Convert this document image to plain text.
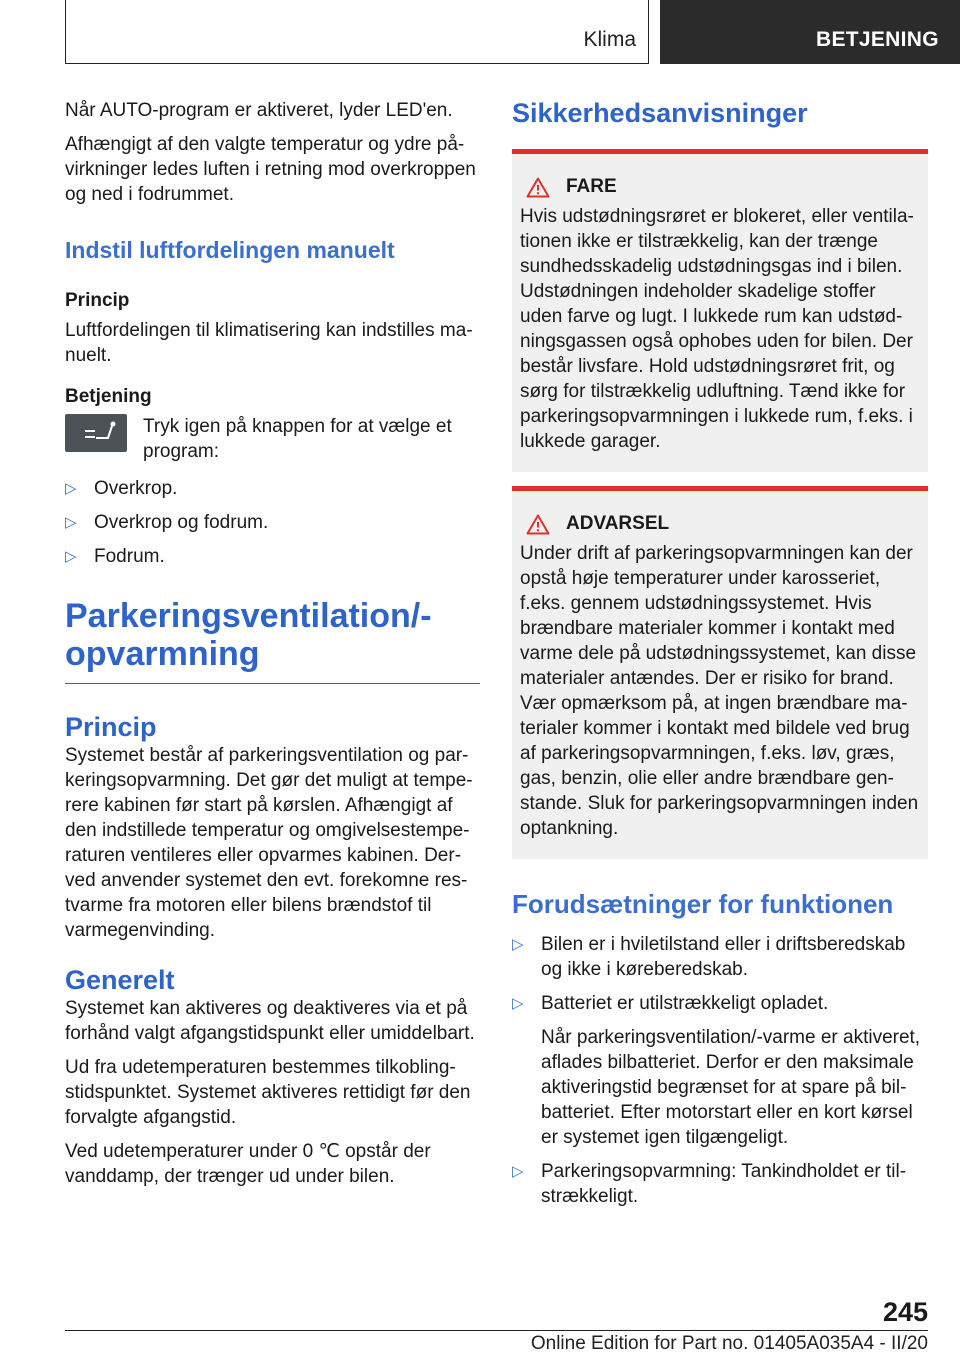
Klima	BETJENING

Når AUTO-program er aktiveret, lyder LED'en.

Afhængigt af den valgte temperatur og ydre påvirkninger ledes luften i retning mod overkroppen og ned i fodrummet.

Indstil luftfordelingen manuelt
Princip

Luftfordelingen til klimatisering kan indstilles manuelt.

Betjening

Tryk igen på knappen for at vælge et program:

▷ Overkrop.
▷ Overkrop og fodrum.
▷ Fodrum.
Parkeringsventilation/-opvarmning
Princip

Systemet består af parkeringsventilation og parkeringsopvarmning. Det gør det muligt at temperere kabinen før start på kørslen. Afhængigt af den indstillede temperatur og omgivelsestemperaturen ventileres eller opvarmes kabinen. Derved anvender systemet den evt. forekomne restvarme fra motoren eller bilens brændstof til varmegenvinding.

Generelt

Systemet kan aktiveres og deaktiveres via et på forhånd valgt afgangstidspunkt eller umiddelbart.

Ud fra udetemperaturen bestemmes tilkoblingstidspunktet. Systemet aktiveres rettidigt før den forvalgte afgangstid.

Ved udetemperaturer under 0 ℃ opstår der vanddamp, der trænger ud under bilen.

Sikkerhedsanvisninger
FARE

Hvis udstødningsrøret er blokeret, eller ventilationen ikke er tilstrækkelig, kan der trænge sundhedsskadelig udstødningsgas ind i bilen. Udstødningen indeholder skadelige stoffer uden farve og lugt. I lukkede rum kan udstødningsgassen også ophobes uden for bilen. Der består livsfare. Hold udstødningsrøret frit, og sørg for tilstrækkelig udluftning. Tænd ikke for parkeringsopvarmningen i lukkede rum, f.eks. i lukkede garager.

ADVARSEL

Under drift af parkeringsopvarmningen kan der opstå høje temperaturer under karosseriet, f.eks. gennem udstødningssystemet. Hvis brændbare materialer kommer i kontakt med varme dele på udstødningssystemet, kan disse materialer antændes. Der er risiko for brand. Vær opmærksom på, at ingen brændbare materialer kommer i kontakt med bildele ved brug af parkeringsopvarmningen, f.eks. løv, græs, gas, benzin, olie eller andre brændbare genstande. Sluk for parkeringsopvarmningen inden optankning.

Forudsætninger for funktionen
▷ Bilen er i hviletilstand eller i driftsberedskab og ikke i køreberedskab.
▷ Batteriet er utilstrækkeligt opladet.
Når parkeringsventilation/-varme er aktiveret, aflades bilbatteriet. Derfor er den maksimale aktiveringstid begrænset for at spare på bilbatteriet. Efter motorstart eller en kort kørsel er systemet igen tilgængeligt.
▷ Parkeringsopvarmning: Tankindholdet er tilstrækkeligt.
245
Online Edition for Part no. 01405A035A4 - II/20
